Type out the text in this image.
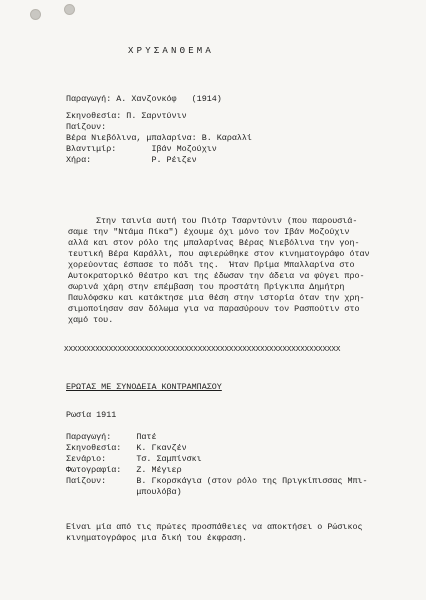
ΧΡΥΣΑΝΘΕΜΑ
Παραγωγή: Α. Χανζονκόφ   (1914)
Σκηνοθεσία: Π. Σαρντύνιν
Παίζουν:
Βέρα Νιεβόλινα, μπαλαρίνα: Β. Καραλλί
Βλαντιμίρ:       Ιβάν Μοζούχιν
Χήρα:            Ρ. Ρέιζεν
Στην ταινία αυτή του Πιότρ Τσαρντύνιν (που παρουσιά-
σαμε την "Ντάμα Πίκα") έχουμε όχι μόνο τον Ιβάν Μοζούχιν
αλλά και στον ρόλο της μπαλαρίνας Βέρας Νιεβόλινα την γοη-
τευτική Βέρα Καράλλι, που αφιερώθηκε στον κινηματογράφο όταν
χορεύοντας έσπασε το πόδι της.  Ήταν Πρίμα Μπαλλαρίνα στο
Αυτοκρατορικό θέατρο και της έδωσαν την άδεια να φύγει προ-
σωρινά χάρη στην επέμβαση του προστάτη Πρίγκιπα Δημήτρη
Παυλόφσκυ και κατάκτησε μια θέση στην ιστορία όταν την χρη-
σιμοποίησαν σαν δόλωμα για να παρασύρουν τον Ρασπούτιν στο
χαμό του.
XXXXXXXXXXXXXXXXXXXXXXXXXXXXXXXXXXXXXXXXXXXXXXXXXXXXXXXXXXXXXX
ΕΡΩΤΑΣ ΜΕ ΣΥΝΟΔΕΙΑ ΚΟΝΤΡΑΜΠΑΣΟΥ
Ρωσία 1911
Παραγωγή:     Πατέ
Σκηνοθεσία:   Κ. Γκανζέν
Σενάριο:      Τσ. Σαμπίνσκι
Φωτογραφία:   Ζ. Μέγιερ
Παίζουν:      Β. Γκορσκάγια (στον ρόλο της Πριγκίπισσας Μπι-
μπουλόβα)
Είναι μία από τις πρώτες προσπάθειες να αποκτήσει ο Ρώσικος
κινηματογράφος μια δική του έκφραση.
